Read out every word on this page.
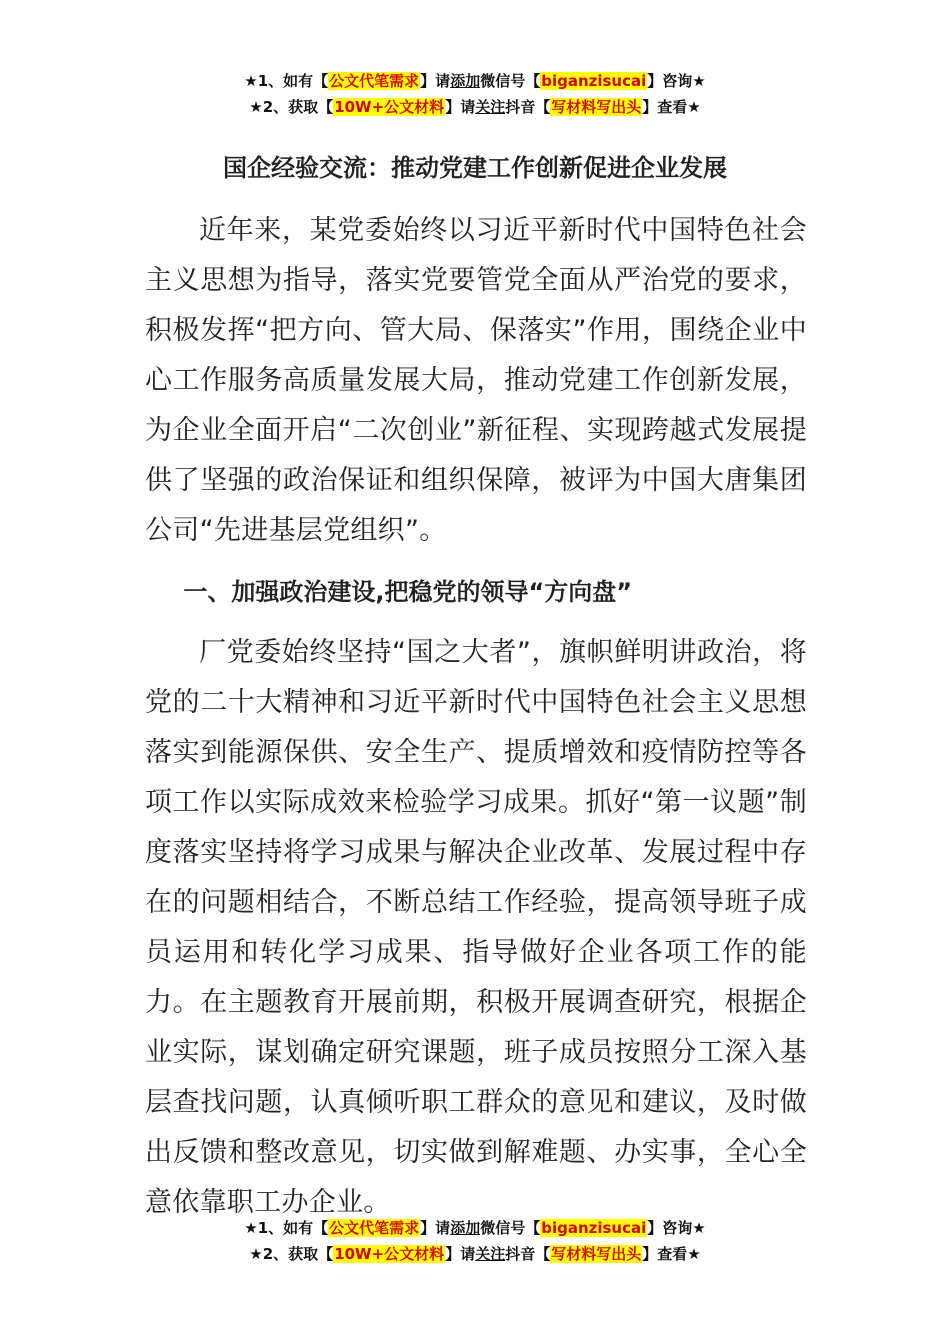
★1、如有【公文代笔需求】请添加微信号【biganzisucai】咨询★
★2、获取【10W+公文材料】请关注抖音【写材料写出头】查看★
国企经验交流：推动党建工作创新促进企业发展

近年来，某党委始终以习近平新时代中国特色社会主义思想为指导，落实党要管党全面从严治党的要求，积极发挥“把方向、管大局、保落实”作用，围绕企业中心工作服务高质量发展大局，推动党建工作创新发展，为企业全面开启“二次创业”新征程、实现跨越式发展提供了坚强的政治保证和组织保障，被评为中国大唐集团公司“先进基层党组织”。

一、加强政治建设,把稳党的领导“方向盘”

厂党委始终坚持“国之大者”，旗帜鲜明讲政治，将党的二十大精神和习近平新时代中国特色社会主义思想落实到能源保供、安全生产、提质增效和疫情防控等各项工作以实际成效来检验学习成果。抓好“第一议题”制度落实坚持将学习成果与解决企业改革、发展过程中存在的问题相结合，不断总结工作经验，提高领导班子成员运用和转化学习成果、指导做好企业各项工作的能力。在主题教育开展前期，积极开展调查研究，根据企业实际，谋划确定研究课题，班子成员按照分工深入基层查找问题，认真倾听职工群众的意见和建议，及时做出反馈和整改意见，切实做到解难题、办实事，全心全意依靠职工办企业。

★1、如有【公文代笔需求】请添加微信号【biganzisucai】咨询★
★2、获取【10W+公文材料】请关注抖音【写材料写出头】查看★
